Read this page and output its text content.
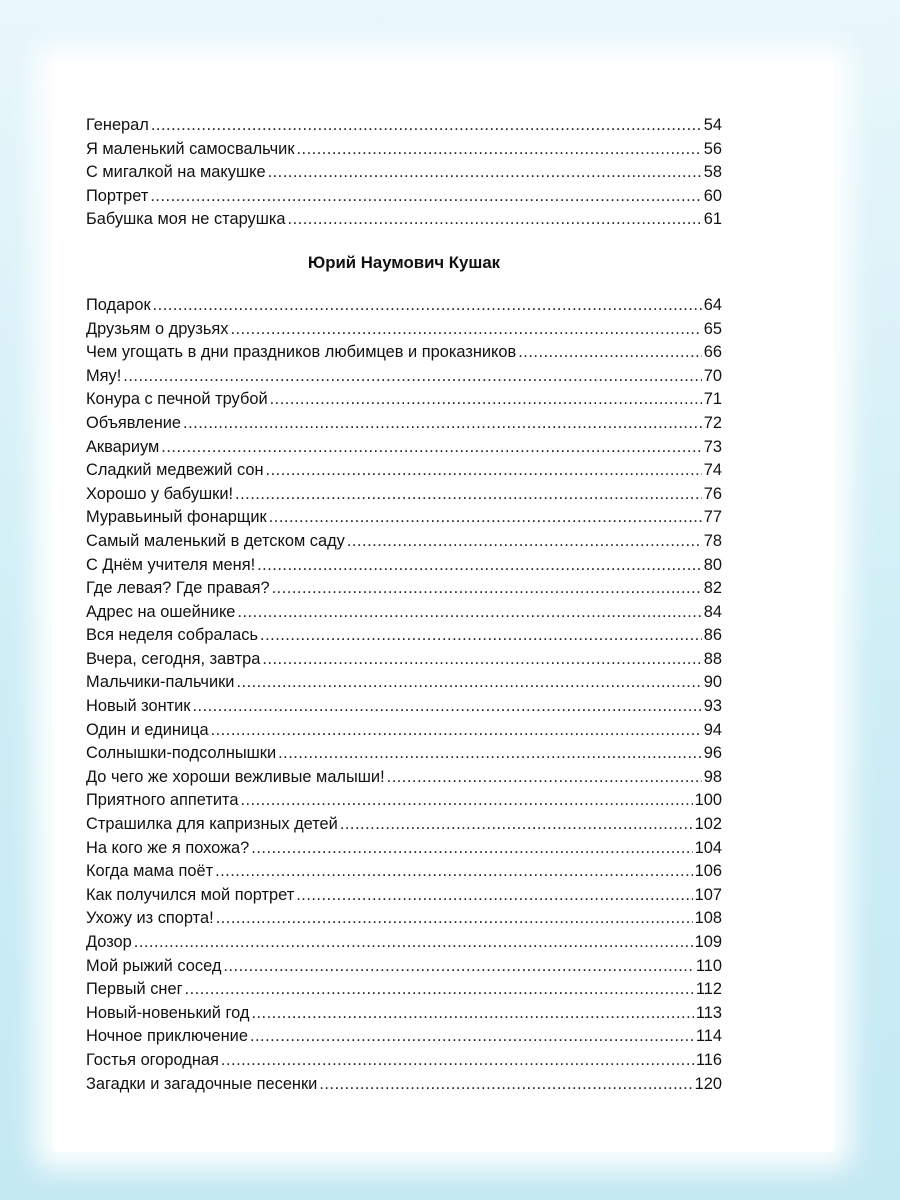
Генерал .....	54
Я маленький самосвальчик .....	56
С мигалкой на макушке .....	58
Портрет .....	60
Бабушка моя не старушка .....	61
Юрий Наумович Кушак
Подарок .....	64
Друзьям о друзьях .....	65
Чем угощать в дни праздников любимцев и проказников .....	66
Мяу! .....	70
Конура с печной трубой .....	71
Объявление .....	72
Аквариум .....	73
Сладкий медвежий сон .....	74
Хорошо у бабушки! .....	76
Муравьиный фонарщик .....	77
Самый маленький в детском саду .....	78
С Днём учителя меня! .....	80
Где левая? Где правая? .....	82
Адрес на ошейнике .....	84
Вся неделя собралась .....	86
Вчера, сегодня, завтра .....	88
Мальчики-пальчики .....	90
Новый зонтик .....	93
Один и единица .....	94
Солнышки-подсолнышки .....	96
До чего же хороши вежливые малыши! .....	98
Приятного аппетита .....	100
Страшилка для капризных детей .....	102
На кого же я похожа? .....	104
Когда мама поёт .....	106
Как получился мой портрет .....	107
Ухожу из спорта! .....	108
Дозор .....	109
Мой рыжий сосед .....	110
Первый снег .....	112
Новый-новенький год .....	113
Ночное приключение .....	114
Гостья огородная .....	116
Загадки и загадочные песенки .....	120
